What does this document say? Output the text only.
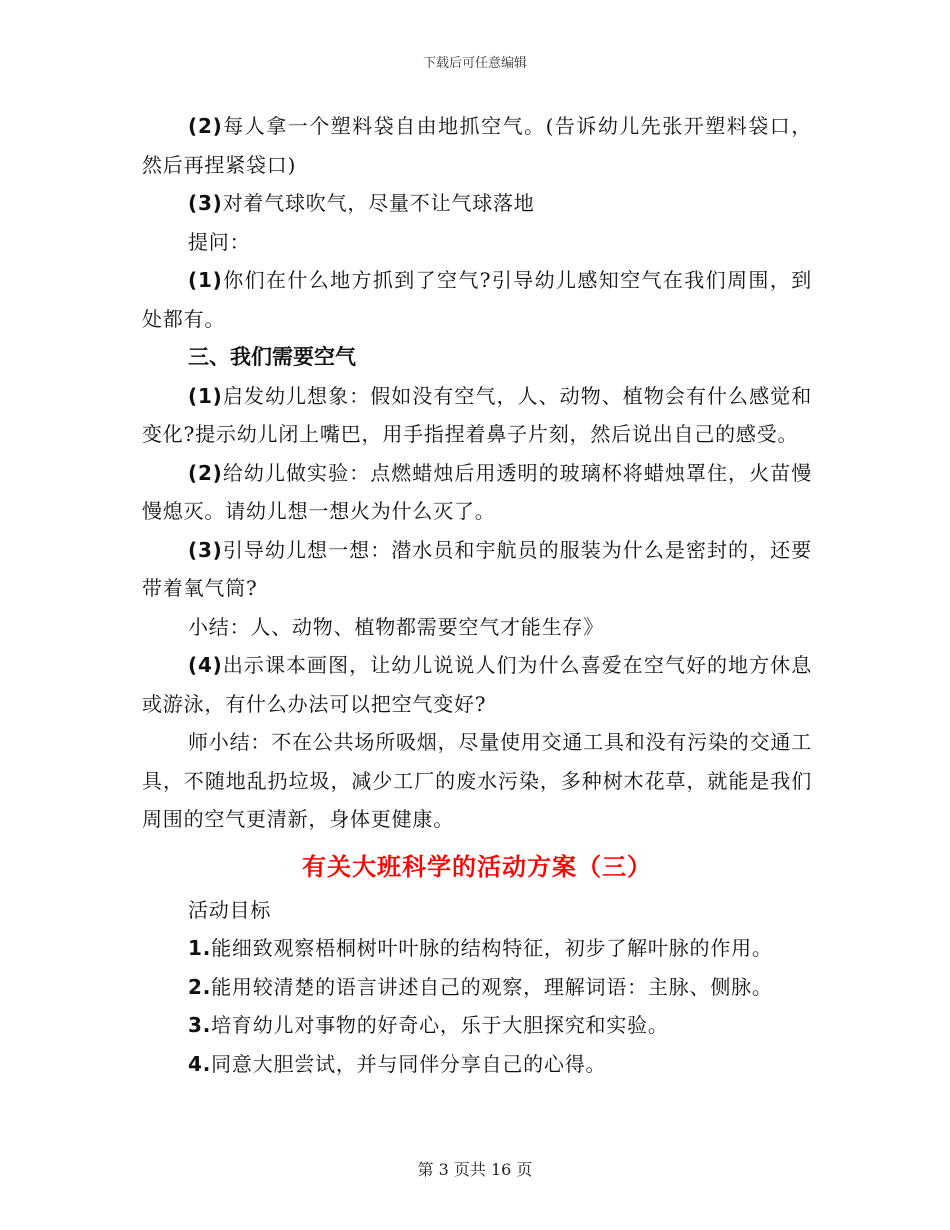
下载后可任意编辑

(2)每人拿一个塑料袋自由地抓空气。(告诉幼儿先张开塑料袋口，然后再捏紧袋口)

(3)对着气球吹气，尽量不让气球落地

提问：

(1)你们在什么地方抓到了空气?引导幼儿感知空气在我们周围，到处都有。

三、我们需要空气

(1)启发幼儿想象：假如没有空气，人、动物、植物会有什么感觉和变化?提示幼儿闭上嘴巴，用手指捏着鼻子片刻，然后说出自己的感受。

(2)给幼儿做实验：点燃蜡烛后用透明的玻璃杯将蜡烛罩住，火苗慢慢熄灭。请幼儿想一想火为什么灭了。

(3)引导幼儿想一想：潜水员和宇航员的服装为什么是密封的，还要带着氧气筒?

小结：人、动物、植物都需要空气才能生存》

(4)出示课本画图，让幼儿说说人们为什么喜爱在空气好的地方休息或游泳，有什么办法可以把空气变好?

师小结：不在公共场所吸烟，尽量使用交通工具和没有污染的交通工具，不随地乱扔垃圾，减少工厂的废水污染，多种树木花草，就能是我们周围的空气更清新，身体更健康。

有关大班科学的活动方案（三）

活动目标

1.能细致观察梧桐树叶叶脉的结构特征，初步了解叶脉的作用。

2.能用较清楚的语言讲述自己的观察，理解词语：主脉、侧脉。

3.培育幼儿对事物的好奇心，乐于大胆探究和实验。

4.同意大胆尝试，并与同伴分享自己的心得。

第 3 页共 16 页
